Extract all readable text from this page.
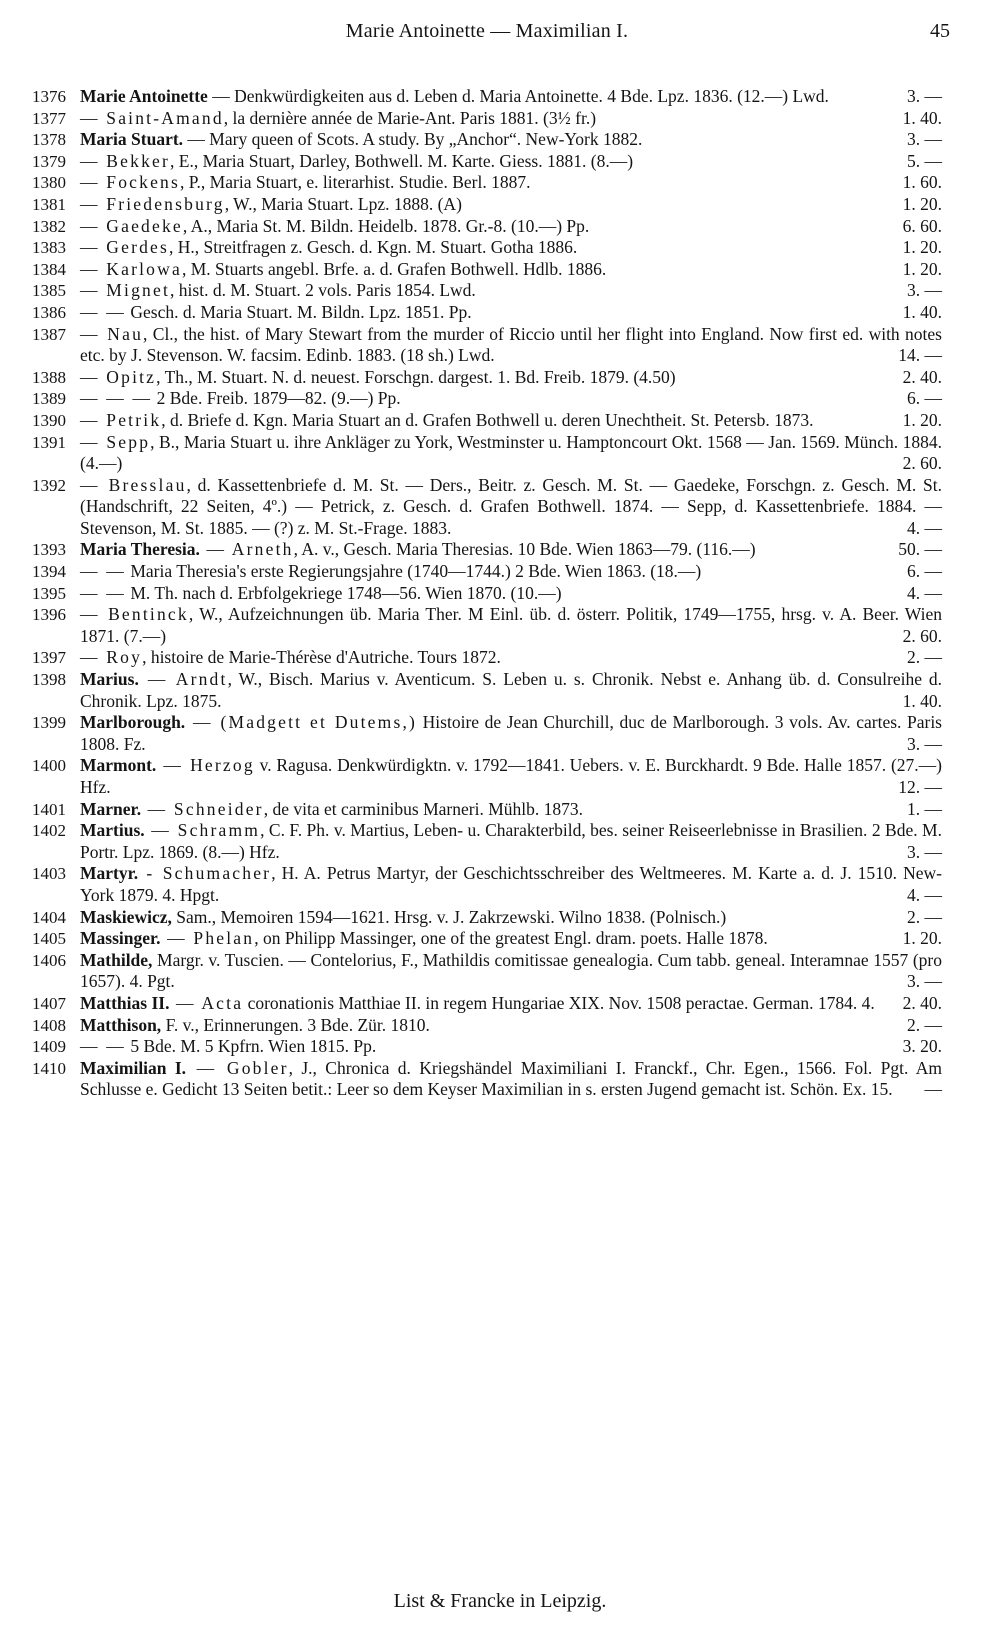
Marie Antoinette — Maximilian I.	45
1376 Marie Antoinette — Denkwürdigkeiten aus d. Leben d. Maria Antoinette. 4 Bde. Lpz. 1836. (12.—) Lwd.	3. —
1377 — Saint-Amand, la dernière année de Marie-Ant. Paris 1881. (3½ fr.)	1. 40.
1378 Maria Stuart. — Mary queen of Scots. A study. By „Anchor“. New-York 1882.	3. —
1379 — Bekker, E., Maria Stuart, Darley, Bothwell. M. Karte. Giess. 1881. (8.—)	5. —
1380 — Fockens, P., Maria Stuart, e. literarhist. Studie. Berl. 1887.	1. 60.
1381 — Friedensburg, W., Maria Stuart. Lpz. 1888. (A)	1. 20.
1382 — Gaedeke, A., Maria St. M. Bildn. Heidelb. 1878. Gr.-8. (10.—) Pp.	6. 60.
1383 — Gerdes, H., Streitfragen z. Gesch. d. Kgn. M. Stuart. Gotha 1886.	1. 20.
1384 — Karlowa, M. Stuarts angebl. Brfe. a. d. Grafen Bothwell. Hdlb. 1886.	1. 20.
1385 — Mignet, hist. d. M. Stuart. 2 vols. Paris 1854. Lwd.	3. —
1386 — — Gesch. d. Maria Stuart. M. Bildn. Lpz. 1851. Pp.	1. 40.
1387 — Nau, Cl., the hist. of Mary Stewart from the murder of Riccio until her flight into England. Now first ed. with notes etc. by J. Stevenson. W. facsim. Edinb. 1883. (18 sh.) Lwd.	14. —
1388 — Opitz, Th., M. Stuart. N. d. neuest. Forschgn. dargest. 1. Bd. Freib. 1879. (4.50)	2. 40.
1389 — — — 2 Bde. Freib. 1879—82. (9.—) Pp.	6. —
1390 — Petrik, d. Briefe d. Kgn. Maria Stuart an d. Grafen Bothwell u. deren Unechtheit. St. Petersb. 1873.	1. 20.
1391 — Sepp, B., Maria Stuart u. ihre Ankläger zu York, Westminster u. Hamptoncourt Okt. 1568 — Jan. 1569. Münch. 1884. (4.—)	2. 60.
1392 — Bresslau, d. Kassettenbriefe d. M. St. — Ders., Beitr. z. Gesch. M. St. — Gaedeke, Forschgn. z. Gesch. M. St. (Handschrift, 22 Seiten, 4º.) — Petrick, z. Gesch. d. Grafen Bothwell. 1874. — Sepp, d. Kassettenbriefe. 1884. — Stevenson, M. St. 1885. — (?) z. M. St.-Frage. 1883.	4. —
1393 Maria Theresia. — Arneth, A. v., Gesch. Maria Theresias. 10 Bde. Wien 1863—79. (116.—)	50. —
1394 — — Maria Theresia's erste Regierungsjahre (1740—1744.) 2 Bde. Wien 1863. (18.—)	6. —
1395 — — M. Th. nach d. Erbfolgekriege 1748—56. Wien 1870. (10.—)	4. —
1396 — Bentinck, W., Aufzeichnungen üb. Maria Ther. M Einl. üb. d. österr. Politik, 1749—1755, hrsg. v. A. Beer. Wien 1871. (7.—)	2. 60.
1397 — Roy, histoire de Marie-Thérèse d'Autriche. Tours 1872.	2. —
1398 Marius. — Arndt, W., Bisch. Marius v. Aventicum. S. Leben u. s. Chronik. Nebst e. Anhang üb. d. Consulreihe d. Chronik. Lpz. 1875.	1. 40.
1399 Marlborough. — (Madgett et Dutems,) Histoire de Jean Churchill, duc de Marlborough. 3 vols. Av. cartes. Paris 1808. Fz.	3. —
1400 Marmont. — Herzog v. Ragusa. Denkwürdigktn. v. 1792—1841. Uebers. v. E. Burckhardt. 9 Bde. Halle 1857. (27.—) Hfz.	12. —
1401 Marner. — Schneider, de vita et carminibus Marneri. Mühlb. 1873.	1. —
1402 Martius. — Schramm, C. F. Ph. v. Martius, Leben- u. Charakterbild, bes. seiner Reiseerlebnisse in Brasilien. 2 Bde. M. Portr. Lpz. 1869. (8.—) Hfz.	3. —
1403 Martyr. - Schumacher, H. A. Petrus Martyr, der Geschichtsschreiber des Weltmeeres. M. Karte a. d. J. 1510. New-York 1879. 4. Hpgt.	4. —
1404 Maskiewicz, Sam., Memoiren 1594—1621. Hrsg. v. J. Zakrzewski. Wilno 1838. (Polnisch.)	2. —
1405 Massinger. — Phelan, on Philipp Massinger, one of the greatest Engl. dram. poets. Halle 1878.	1. 20.
1406 Mathilde, Margr. v. Tuscien. — Contelorius, F., Mathildis comitissae genealogia. Cum tabb. geneal. Interamnae 1557 (pro 1657). 4. Pgt.	3. —
1407 Matthias II. — Acta coronationis Matthiae II. in regem Hungariae XIX. Nov. 1508 peractae. German. 1784. 4.	2. 40.
1408 Matthison, F. v., Erinnerungen. 3 Bde. Zür. 1810.	2. —
1409 — — 5 Bde. M. 5 Kpfrn. Wien 1815. Pp.	3. 20.
1410 Maximilian I. — Gobler, J., Chronica d. Kriegshändel Maximiliani I. Franckf., Chr. Egen., 1566. Fol. Pgt. Am Schlusse e. Gedicht 13 Seiten betit.: Leer so dem Keyser Maximilian in s. ersten Jugend gemacht ist. Schön. Ex. 15.	—
List & Francke in Leipzig.
